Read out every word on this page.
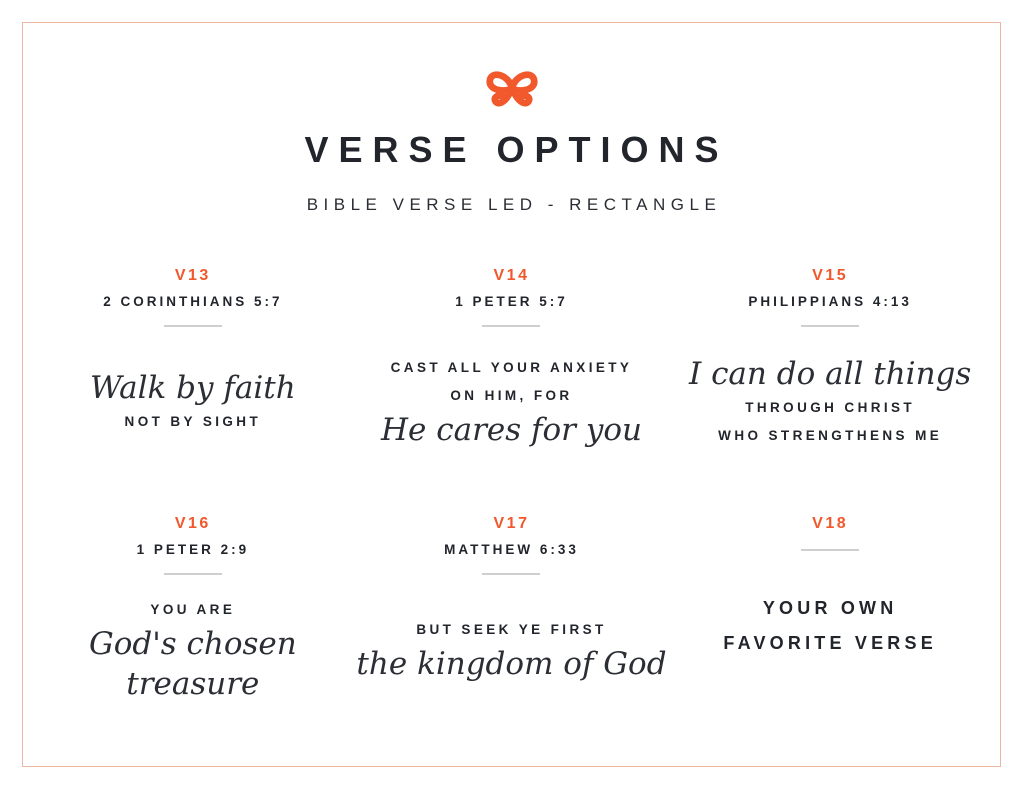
VERSE OPTIONS
BIBLE VERSE LED - RECTANGLE
V13
2 CORINTHIANS 5:7
Walk by faith
NOT BY SIGHT
V14
1 PETER 5:7
CAST ALL YOUR ANXIETY
ON HIM, FOR
He cares for you
V15
PHILIPPIANS 4:13
I can do all things
THROUGH CHRIST
WHO STRENGTHENS ME
V16
1 PETER 2:9
YOU ARE
God's chosen
treasure
V17
MATTHEW 6:33
BUT SEEK YE FIRST
the kingdom of God
V18
YOUR OWN
FAVORITE VERSE
